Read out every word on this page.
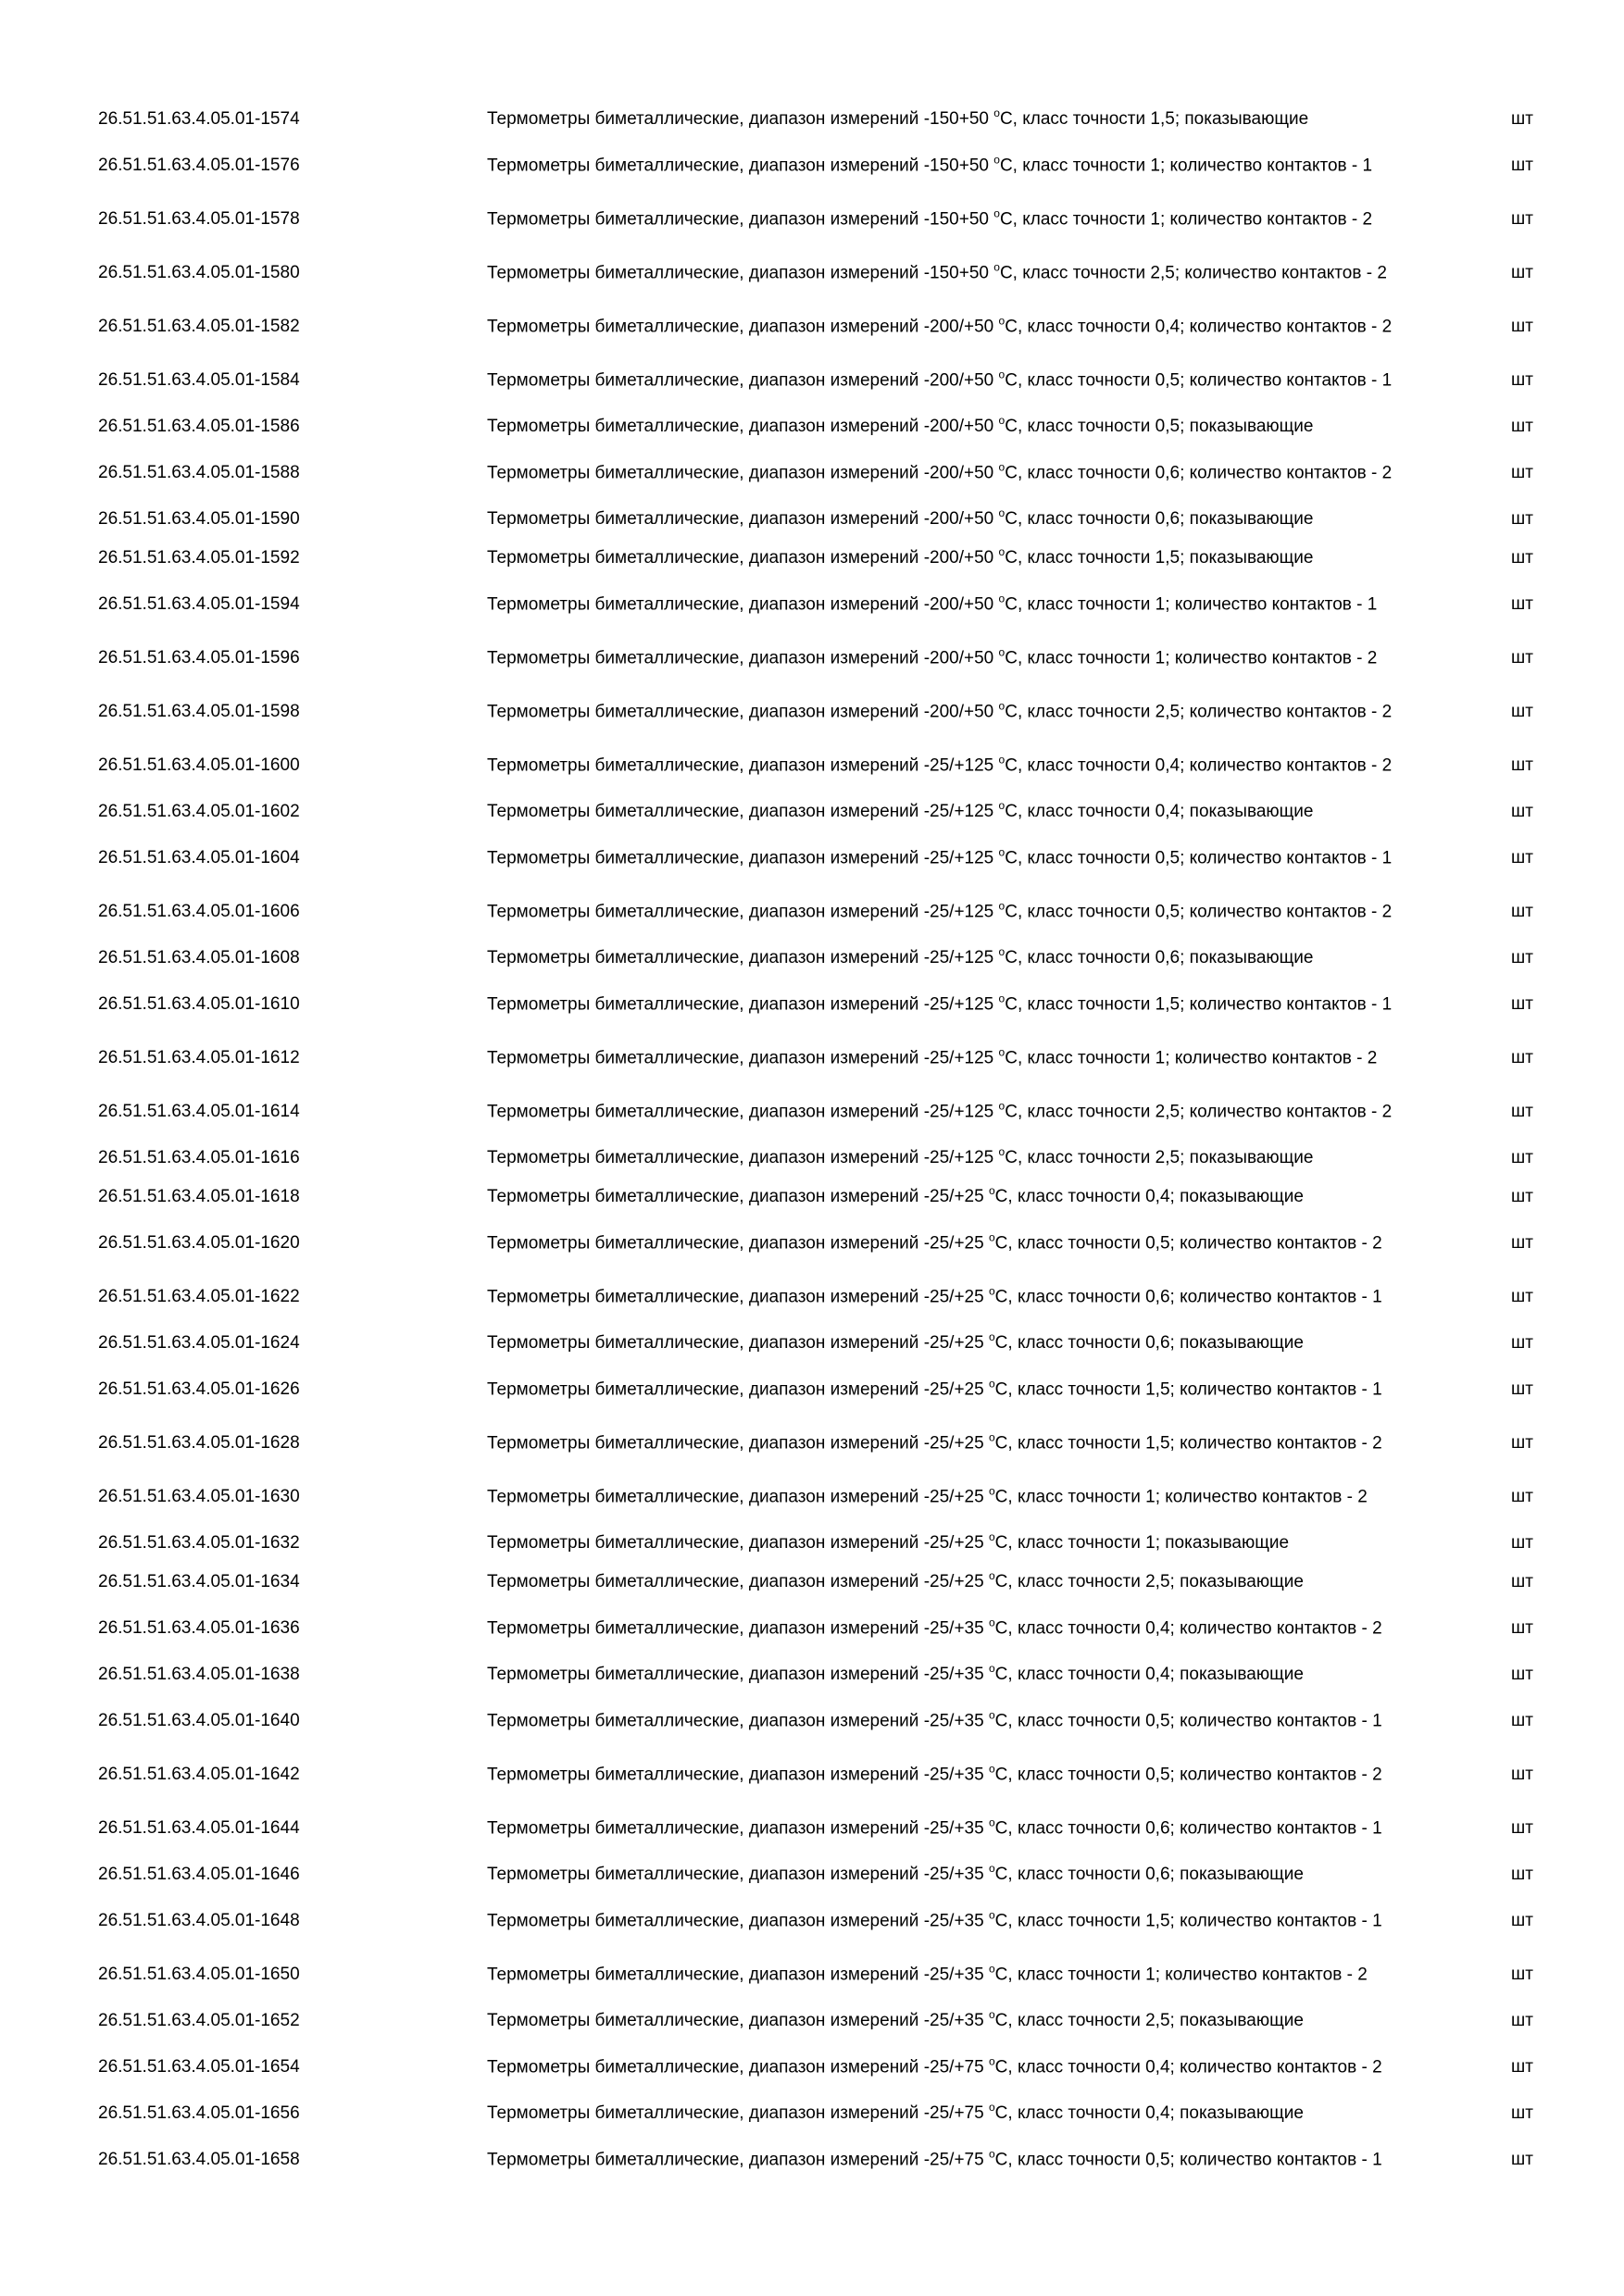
26.51.51.63.4.05.01-1574	Термометры биметаллические, диапазон измерений -150+50 $^o$C, класс точности 1,5; показывающие	шт
26.51.51.63.4.05.01-1576	Термометры биметаллические, диапазон измерений -150+50 $^o$C, класс точности 1; количество контактов - 1	шт
26.51.51.63.4.05.01-1578	Термометры биметаллические, диапазон измерений -150+50 $^o$C, класс точности 1; количество контактов - 2	шт
26.51.51.63.4.05.01-1580	Термометры биметаллические, диапазон измерений -150+50 $^o$C, класс точности 2,5; количество контактов - 2	шт
26.51.51.63.4.05.01-1582	Термометры биметаллические, диапазон измерений -200/+50 $^o$C, класс точности 0,4; количество контактов - 2	шт
26.51.51.63.4.05.01-1584	Термометры биметаллические, диапазон измерений -200/+50 $^o$C, класс точности 0,5; количество контактов - 1	шт
26.51.51.63.4.05.01-1586	Термометры биметаллические, диапазон измерений -200/+50 $^o$C, класс точности 0,5; показывающие	шт
26.51.51.63.4.05.01-1588	Термометры биметаллические, диапазон измерений -200/+50 $^o$C, класс точности 0,6; количество контактов - 2	шт
26.51.51.63.4.05.01-1590	Термометры биметаллические, диапазон измерений -200/+50 $^o$C, класс точности 0,6; показывающие	шт
26.51.51.63.4.05.01-1592	Термометры биметаллические, диапазон измерений -200/+50 $^o$C, класс точности 1,5; показывающие	шт
26.51.51.63.4.05.01-1594	Термометры биметаллические, диапазон измерений -200/+50 $^o$C, класс точности 1; количество контактов - 1	шт
26.51.51.63.4.05.01-1596	Термометры биметаллические, диапазон измерений -200/+50 $^o$C, класс точности 1; количество контактов - 2	шт
26.51.51.63.4.05.01-1598	Термометры биметаллические, диапазон измерений -200/+50 $^o$C, класс точности 2,5; количество контактов - 2	шт
26.51.51.63.4.05.01-1600	Термометры биметаллические, диапазон измерений -25/+125 $^o$C, класс точности 0,4; количество контактов - 2	шт
26.51.51.63.4.05.01-1602	Термометры биметаллические, диапазон измерений -25/+125 $^o$C, класс точности 0,4; показывающие	шт
26.51.51.63.4.05.01-1604	Термометры биметаллические, диапазон измерений -25/+125 $^o$C, класс точности 0,5; количество контактов - 1	шт
26.51.51.63.4.05.01-1606	Термометры биметаллические, диапазон измерений -25/+125 $^o$C, класс точности 0,5; количество контактов - 2	шт
26.51.51.63.4.05.01-1608	Термометры биметаллические, диапазон измерений -25/+125 $^o$C, класс точности 0,6; показывающие	шт
26.51.51.63.4.05.01-1610	Термометры биметаллические, диапазон измерений -25/+125 $^o$C, класс точности 1,5; количество контактов - 1	шт
26.51.51.63.4.05.01-1612	Термометры биметаллические, диапазон измерений -25/+125 $^o$C, класс точности 1; количество контактов - 2	шт
26.51.51.63.4.05.01-1614	Термометры биметаллические, диапазон измерений -25/+125 $^o$C, класс точности 2,5; количество контактов - 2	шт
26.51.51.63.4.05.01-1616	Термометры биметаллические, диапазон измерений -25/+125 $^o$C, класс точности 2,5; показывающие	шт
26.51.51.63.4.05.01-1618	Термометры биметаллические, диапазон измерений -25/+25 $^o$C, класс точности 0,4; показывающие	шт
26.51.51.63.4.05.01-1620	Термометры биметаллические, диапазон измерений -25/+25 $^o$C, класс точности 0,5; количество контактов - 2	шт
26.51.51.63.4.05.01-1622	Термометры биметаллические, диапазон измерений -25/+25 $^o$C, класс точности 0,6; количество контактов - 1	шт
26.51.51.63.4.05.01-1624	Термометры биметаллические, диапазон измерений -25/+25 $^o$C, класс точности 0,6; показывающие	шт
26.51.51.63.4.05.01-1626	Термометры биметаллические, диапазон измерений -25/+25 $^o$C, класс точности 1,5; количество контактов - 1	шт
26.51.51.63.4.05.01-1628	Термометры биметаллические, диапазон измерений -25/+25 $^o$C, класс точности 1,5; количество контактов - 2	шт
26.51.51.63.4.05.01-1630	Термометры биметаллические, диапазон измерений -25/+25 $^o$C, класс точности 1; количество контактов - 2	шт
26.51.51.63.4.05.01-1632	Термометры биметаллические, диапазон измерений -25/+25 $^o$C, класс точности 1; показывающие	шт
26.51.51.63.4.05.01-1634	Термометры биметаллические, диапазон измерений -25/+25 $^o$C, класс точности 2,5; показывающие	шт
26.51.51.63.4.05.01-1636	Термометры биметаллические, диапазон измерений -25/+35 $^o$C, класс точности 0,4; количество контактов - 2	шт
26.51.51.63.4.05.01-1638	Термометры биметаллические, диапазон измерений -25/+35 $^o$C, класс точности 0,4; показывающие	шт
26.51.51.63.4.05.01-1640	Термометры биметаллические, диапазон измерений -25/+35 $^o$C, класс точности 0,5; количество контактов - 1	шт
26.51.51.63.4.05.01-1642	Термометры биметаллические, диапазон измерений -25/+35 $^o$C, класс точности 0,5; количество контактов - 2	шт
26.51.51.63.4.05.01-1644	Термометры биметаллические, диапазон измерений -25/+35 $^o$C, класс точности 0,6; количество контактов - 1	шт
26.51.51.63.4.05.01-1646	Термометры биметаллические, диапазон измерений -25/+35 $^o$C, класс точности 0,6; показывающие	шт
26.51.51.63.4.05.01-1648	Термометры биметаллические, диапазон измерений -25/+35 $^o$C, класс точности 1,5; количество контактов - 1	шт
26.51.51.63.4.05.01-1650	Термометры биметаллические, диапазон измерений -25/+35 $^o$C, класс точности 1; количество контактов - 2	шт
26.51.51.63.4.05.01-1652	Термометры биметаллические, диапазон измерений -25/+35 $^o$C, класс точности 2,5; показывающие	шт
26.51.51.63.4.05.01-1654	Термометры биметаллические, диапазон измерений -25/+75 $^o$C, класс точности 0,4; количество контактов - 2	шт
26.51.51.63.4.05.01-1656	Термометры биметаллические, диапазон измерений -25/+75 $^o$C, класс точности 0,4; показывающие	шт
26.51.51.63.4.05.01-1658	Термометры биметаллические, диапазон измерений -25/+75 $^o$C, класс точности 0,5; количество контактов - 1	шт
